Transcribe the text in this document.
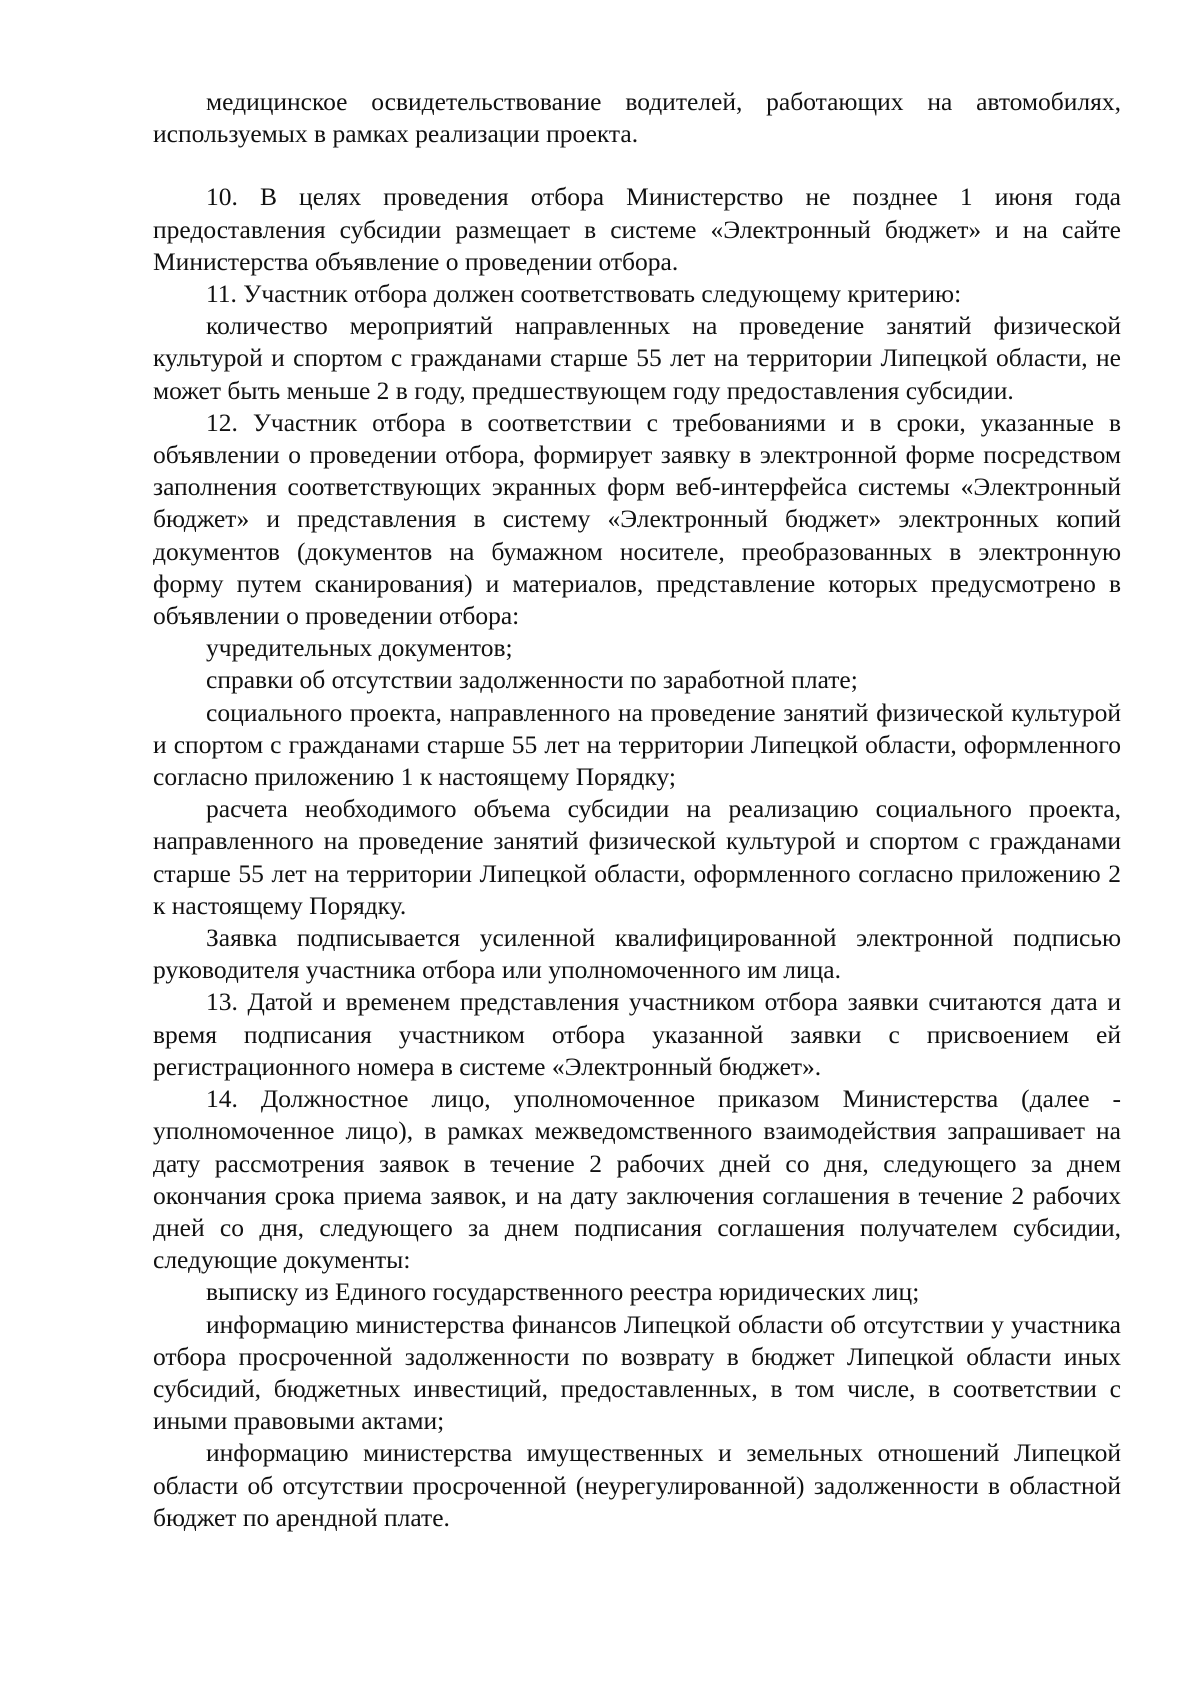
медицинское освидетельствование водителей, работающих на автомобилях, используемых в рамках реализации проекта.

10. В целях проведения отбора Министерство не позднее 1 июня года предоставления субсидии размещает в системе «Электронный бюджет» и на сайте Министерства объявление о проведении отбора.

11. Участник отбора должен соответствовать следующему критерию:

количество мероприятий направленных на проведение занятий физической культурой и спортом с гражданами старше 55 лет на территории Липецкой области, не может быть меньше 2 в году, предшествующем году предоставления субсидии.

12. Участник отбора в соответствии с требованиями и в сроки, указанные в объявлении о проведении отбора, формирует заявку в электронной форме посредством заполнения соответствующих экранных форм веб-интерфейса системы «Электронный бюджет» и представления в систему «Электронный бюджет» электронных копий документов (документов на бумажном носителе, преобразованных в электронную форму путем сканирования) и материалов, представление которых предусмотрено в объявлении о проведении отбора:

учредительных документов;

справки об отсутствии задолженности по заработной плате;

социального проекта, направленного на проведение занятий физической культурой и спортом с гражданами старше 55 лет на территории Липецкой области, оформленного согласно приложению 1 к настоящему Порядку;

расчета необходимого объема субсидии на реализацию социального проекта, направленного на проведение занятий физической культурой и спортом с гражданами старше 55 лет на территории Липецкой области, оформленного согласно приложению 2 к настоящему Порядку.

Заявка подписывается усиленной квалифицированной электронной подписью руководителя участника отбора или уполномоченного им лица.

13. Датой и временем представления участником отбора заявки считаются дата и время подписания участником отбора указанной заявки с присвоением ей регистрационного номера в системе «Электронный бюджет».

14. Должностное лицо, уполномоченное приказом Министерства (далее - уполномоченное лицо), в рамках межведомственного взаимодействия запрашивает на дату рассмотрения заявок в течение 2 рабочих дней со дня, следующего за днем окончания срока приема заявок, и на дату заключения соглашения в течение 2 рабочих дней со дня, следующего за днем подписания соглашения получателем субсидии, следующие документы:

выписку из Единого государственного реестра юридических лиц;

информацию министерства финансов Липецкой области об отсутствии у участника отбора просроченной задолженности по возврату в бюджет Липецкой области иных субсидий, бюджетных инвестиций, предоставленных, в том числе, в соответствии с иными правовыми актами;

информацию министерства имущественных и земельных отношений Липецкой области об отсутствии просроченной (неурегулированной) задолженности в областной бюджет по арендной плате.
